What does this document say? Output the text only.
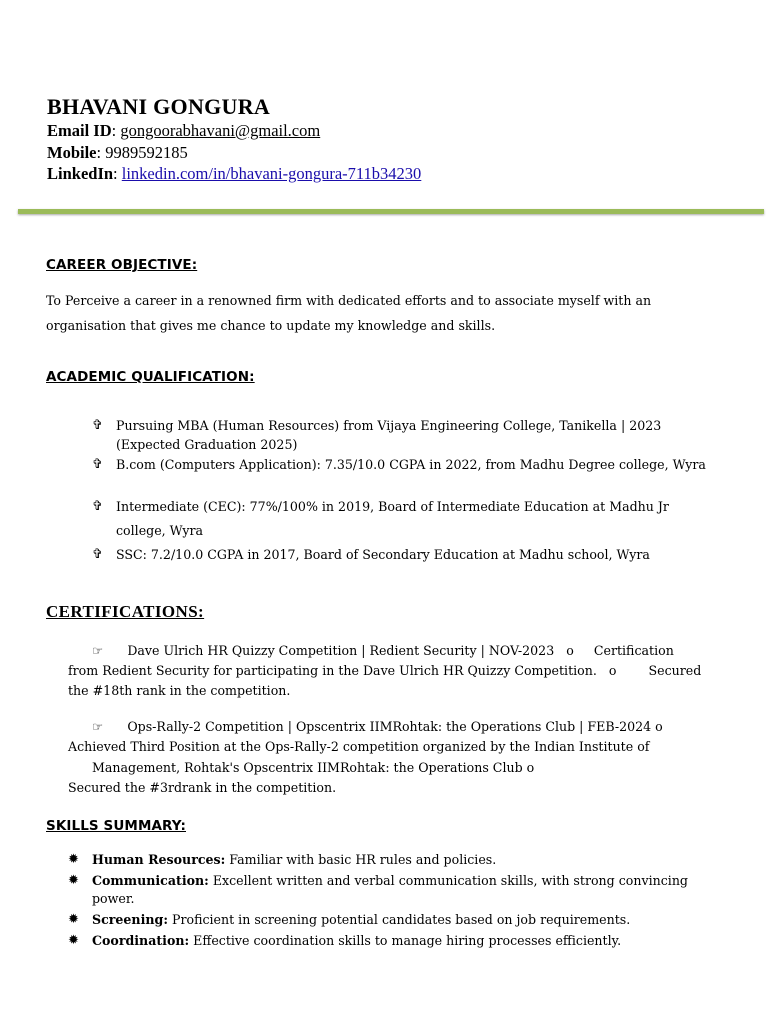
BHAVANI GONGURA
Email ID: gongoorabhavani@gmail.com
Mobile: 9989592185
LinkedIn: linkedin.com/in/bhavani-gongura-711b34230
CAREER OBJECTIVE:
To Perceive a career in a renowned firm with dedicated efforts and to associate myself with an
organisation that gives me chance to update my knowledge and skills.
ACADEMIC QUALIFICATION:
✞ Pursuing MBA (Human Resources) from Vijaya Engineering College, Tanikella | 2023 (Expected Graduation 2025)
✞ B.com (Computers Application): 7.35/10.0 CGPA in 2022, from Madhu Degree college, Wyra
✞ Intermediate (CEC): 77%/100% in 2019, Board of Intermediate Education at Madhu Jr college, Wyra
✞ SSC: 7.2/10.0 CGPA in 2017, Board of Secondary Education at Madhu school, Wyra
CERTIFICATIONS:
☞ Dave Ulrich HR Quizzy Competition | Redient Security | NOV-2023 o Certification
from Redient Security for participating in the Dave Ulrich HR Quizzy Competition. o	Secured
the #18th rank in the competition.
☞ Ops-Rally-2 Competition | Opscentrix IIMRohtak: the Operations Club | FEB-2024 o
Achieved Third Position at the Ops-Rally-2 competition organized by the Indian Institute of
Management, Rohtak's Opscentrix IIMRohtak: the Operations Club o
Secured the #3rdrank in the competition.
SKILLS SUMMARY:
✹ Human Resources: Familiar with basic HR rules and policies.
✹ Communication: Excellent written and verbal communication skills, with strong convincing power.
✹ Screening: Proficient in screening potential candidates based on job requirements.
✹ Coordination: Effective coordination skills to manage hiring processes efficiently.
